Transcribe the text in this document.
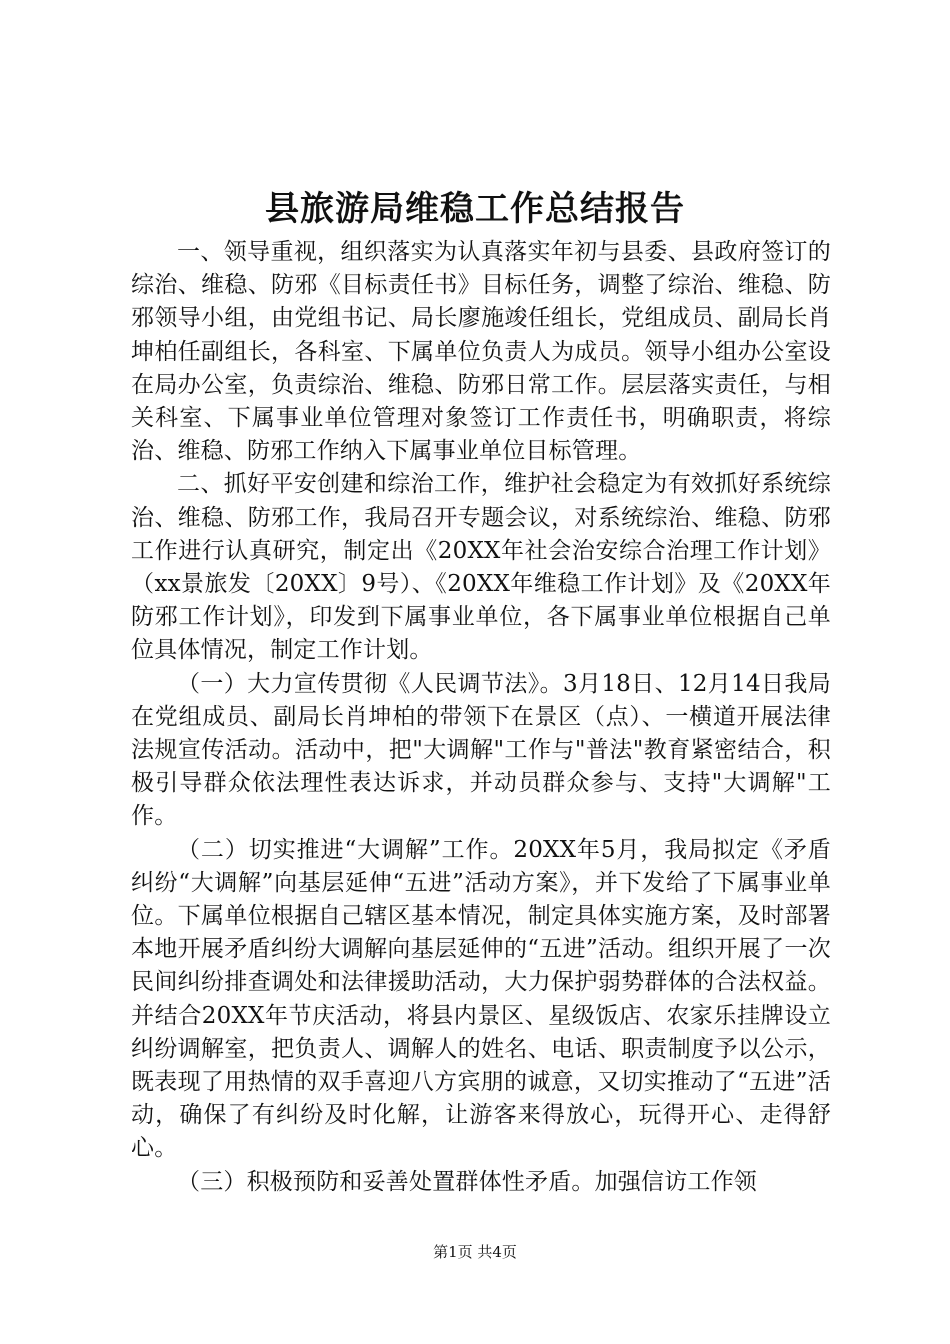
县旅游局维稳工作总结报告

一、领导重视，组织落实为认真落实年初与县委、县政府签订的综治、维稳、防邪《目标责任书》目标任务，调整了综治、维稳、防邪领导小组，由党组书记、局长廖施竣任组长，党组成员、副局长肖坤柏任副组长，各科室、下属单位负责人为成员。领导小组办公室设在局办公室，负责综治、维稳、防邪日常工作。层层落实责任，与相关科室、下属事业单位管理对象签订工作责任书，明确职责，将综治、维稳、防邪工作纳入下属事业单位目标管理。

二、抓好平安创建和综治工作，维护社会稳定为有效抓好系统综治、维稳、防邪工作，我局召开专题会议，对系统综治、维稳、防邪工作进行认真研究，制定出《20XX年社会治安综合治理工作计划》（xx景旅发〔20XX〕9号）、《20XX年维稳工作计划》及《20XX年防邪工作计划》，印发到下属事业单位，各下属事业单位根据自己单位具体情况，制定工作计划。

（一）大力宣传贯彻《人民调节法》。3月18日、12月14日我局在党组成员、副局长肖坤柏的带领下在景区（点）、一横道开展法律法规宣传活动。活动中，把"大调解"工作与"普法"教育紧密结合，积极引导群众依法理性表达诉求，并动员群众参与、支持"大调解"工作。

（二）切实推进“大调解”工作。20XX年5月，我局拟定《矛盾纠纷“大调解”向基层延伸“五进”活动方案》，并下发给了下属事业单位。下属单位根据自己辖区基本情况，制定具体实施方案，及时部署本地开展矛盾纠纷大调解向基层延伸的“五进”活动。组织开展了一次民间纠纷排查调处和法律援助活动，大力保护弱势群体的合法权益。并结合20XX年节庆活动，将县内景区、星级饭店、农家乐挂牌设立纠纷调解室，把负责人、调解人的姓名、电话、职责制度予以公示，既表现了用热情的双手喜迎八方宾朋的诚意，又切实推动了“五进”活动，确保了有纠纷及时化解，让游客来得放心，玩得开心、走得舒心。

（三）积极预防和妥善处置群体性矛盾。加强信访工作领

第1页 共4页
